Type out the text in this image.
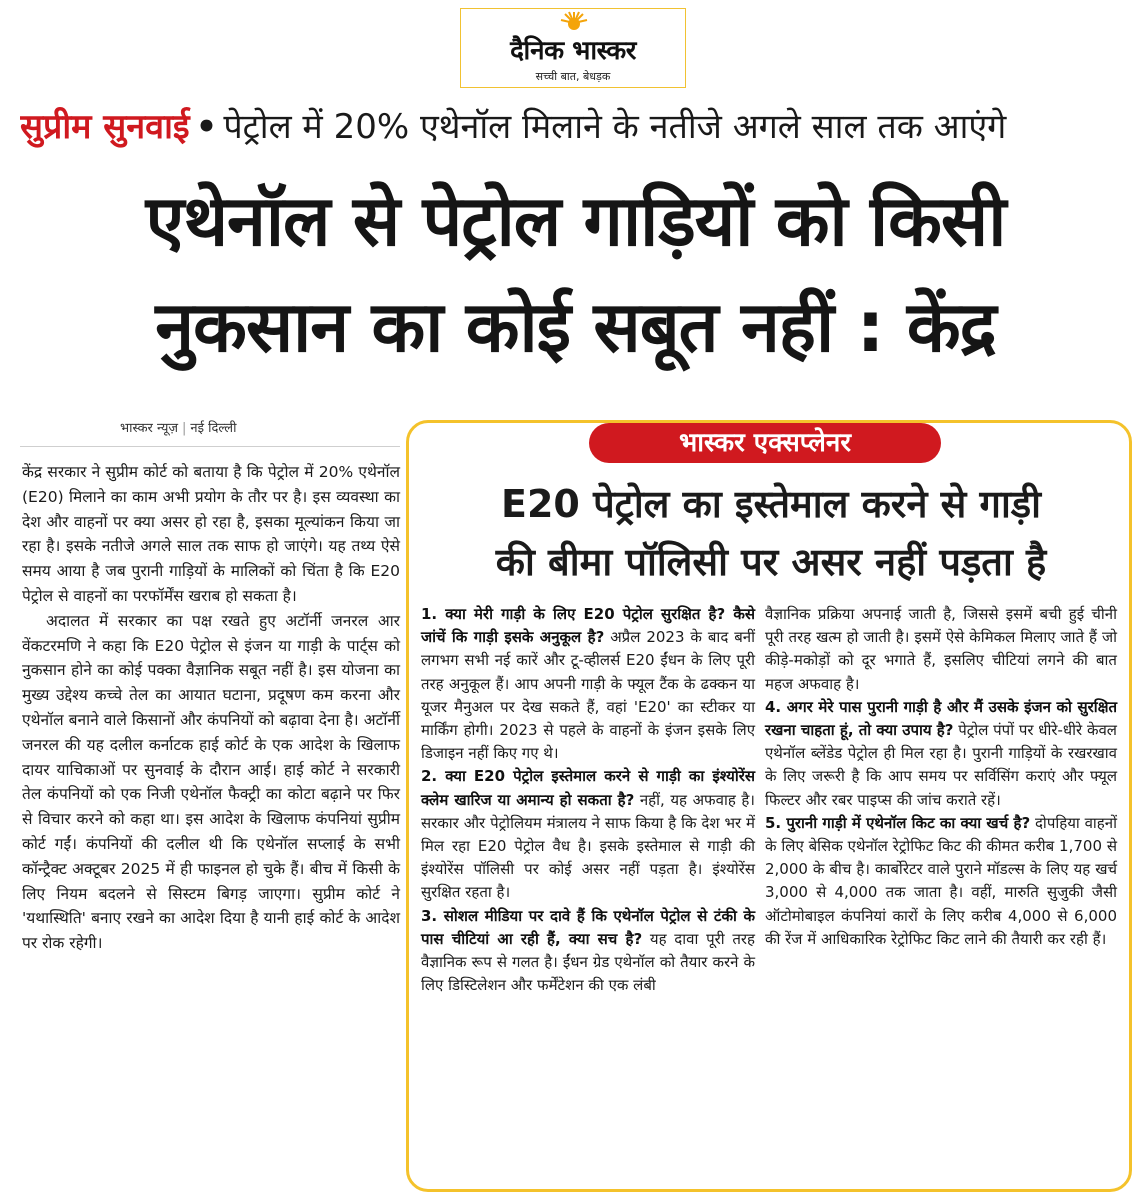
दैनिक भास्कर
सच्ची बात, बेधड़क
सुप्रीम सुनवाई • पेट्रोल में 20% एथेनॉल मिलाने के नतीजे अगले साल तक आएंगे
एथेनॉल से पेट्रोल गाड़ियों को किसी
नुकसान का कोई सबूत नहीं : केंद्र
भास्कर न्यूज़ | नई दिल्ली

केंद्र सरकार ने सुप्रीम कोर्ट को बताया है कि पेट्रोल में 20% एथेनॉल (E20) मिलाने का काम अभी प्रयोग के तौर पर है। इस व्यवस्था का देश और वाहनों पर क्या असर हो रहा है, इसका मूल्यांकन किया जा रहा है। इसके नतीजे अगले साल तक साफ हो जाएंगे। यह तथ्य ऐसे समय आया है जब पुरानी गाड़ियों के मालिकों को चिंता है कि E20 पेट्रोल से वाहनों का परफॉर्मेंस खराब हो सकता है।

अदालत में सरकार का पक्ष रखते हुए अटॉर्नी जनरल आर वेंकटरमणि ने कहा कि E20 पेट्रोल से इंजन या गाड़ी के पार्ट्स को नुकसान होने का कोई पक्का वैज्ञानिक सबूत नहीं है। इस योजना का मुख्य उद्देश्य कच्चे तेल का आयात घटाना, प्रदूषण कम करना और एथेनॉल बनाने वाले किसानों और कंपनियों को बढ़ावा देना है। अटॉर्नी जनरल की यह दलील कर्नाटक हाई कोर्ट के एक आदेश के खिलाफ दायर याचिकाओं पर सुनवाई के दौरान आई। हाई कोर्ट ने सरकारी तेल कंपनियों को एक निजी एथेनॉल फैक्ट्री का कोटा बढ़ाने पर फिर से विचार करने को कहा था। इस आदेश के खिलाफ कंपनियां सुप्रीम कोर्ट गईं। कंपनियों की दलील थी कि एथेनॉल सप्लाई के सभी कॉन्ट्रैक्ट अक्टूबर 2025 में ही फाइनल हो चुके हैं। बीच में किसी के लिए नियम बदलने से सिस्टम बिगड़ जाएगा। सुप्रीम कोर्ट ने 'यथास्थिति' बनाए रखने का आदेश दिया है यानी हाई कोर्ट के आदेश पर रोक रहेगी।

भास्कर एक्सप्लेनर
E20 पेट्रोल का इस्तेमाल करने से गाड़ी
की बीमा पॉलिसी पर असर नहीं पड़ता है
1. क्या मेरी गाड़ी के लिए E20 पेट्रोल सुरक्षित है? कैसे जांचें कि गाड़ी इसके अनुकूल है? अप्रैल 2023 के बाद बनीं लगभग सभी नई कारें और टू-व्हीलर्स E20 ईंधन के लिए पूरी तरह अनुकूल हैं। आप अपनी गाड़ी के फ्यूल टैंक के ढक्कन या यूजर मैनुअल पर देख सकते हैं, वहां 'E20' का स्टीकर या मार्किंग होगी। 2023 से पहले के वाहनों के इंजन इसके लिए डिजाइन नहीं किए गए थे।
2. क्या E20 पेट्रोल इस्तेमाल करने से गाड़ी का इंश्योरेंस क्लेम खारिज या अमान्य हो सकता है? नहीं, यह अफवाह है। सरकार और पेट्रोलियम मंत्रालय ने साफ किया है कि देश भर में मिल रहा E20 पेट्रोल वैध है। इसके इस्तेमाल से गाड़ी की इंश्योरेंस पॉलिसी पर कोई असर नहीं पड़ता है। इंश्योरेंस सुरक्षित रहता है।
3. सोशल मीडिया पर दावे हैं कि एथेनॉल पेट्रोल से टंकी के पास चीटियां आ रही हैं, क्या सच है? यह दावा पूरी तरह वैज्ञानिक रूप से गलत है। ईंधन ग्रेड एथेनॉल को तैयार करने के लिए डिस्टिलेशन और फर्मेंटेशन की एक लंबी
वैज्ञानिक प्रक्रिया अपनाई जाती है, जिससे इसमें बची हुई चीनी पूरी तरह खत्म हो जाती है। इसमें ऐसे केमिकल मिलाए जाते हैं जो कीड़े-मकोड़ों को दूर भगाते हैं, इसलिए चीटियां लगने की बात महज अफवाह है।
4. अगर मेरे पास पुरानी गाड़ी है और मैं उसके इंजन को सुरक्षित रखना चाहता हूं, तो क्या उपाय है? पेट्रोल पंपों पर धीरे-धीरे केवल एथेनॉल ब्लेंडेड पेट्रोल ही मिल रहा है। पुरानी गाड़ियों के रखरखाव के लिए जरूरी है कि आप समय पर सर्विसिंग कराएं और फ्यूल फिल्टर और रबर पाइप्स की जांच कराते रहें।
5. पुरानी गाड़ी में एथेनॉल किट का क्या खर्च है? दोपहिया वाहनों के लिए बेसिक एथेनॉल रेट्रोफिट किट की कीमत करीब 1,700 से 2,000 के बीच है। कार्बोरेटर वाले पुराने मॉडल्स के लिए यह खर्च 3,000 से 4,000 तक जाता है। वहीं, मारुति सुजुकी जैसी ऑटोमोबाइल कंपनियां कारों के लिए करीब 4,000 से 6,000 की रेंज में आधिकारिक रेट्रोफिट किट लाने की तैयारी कर रही हैं।
